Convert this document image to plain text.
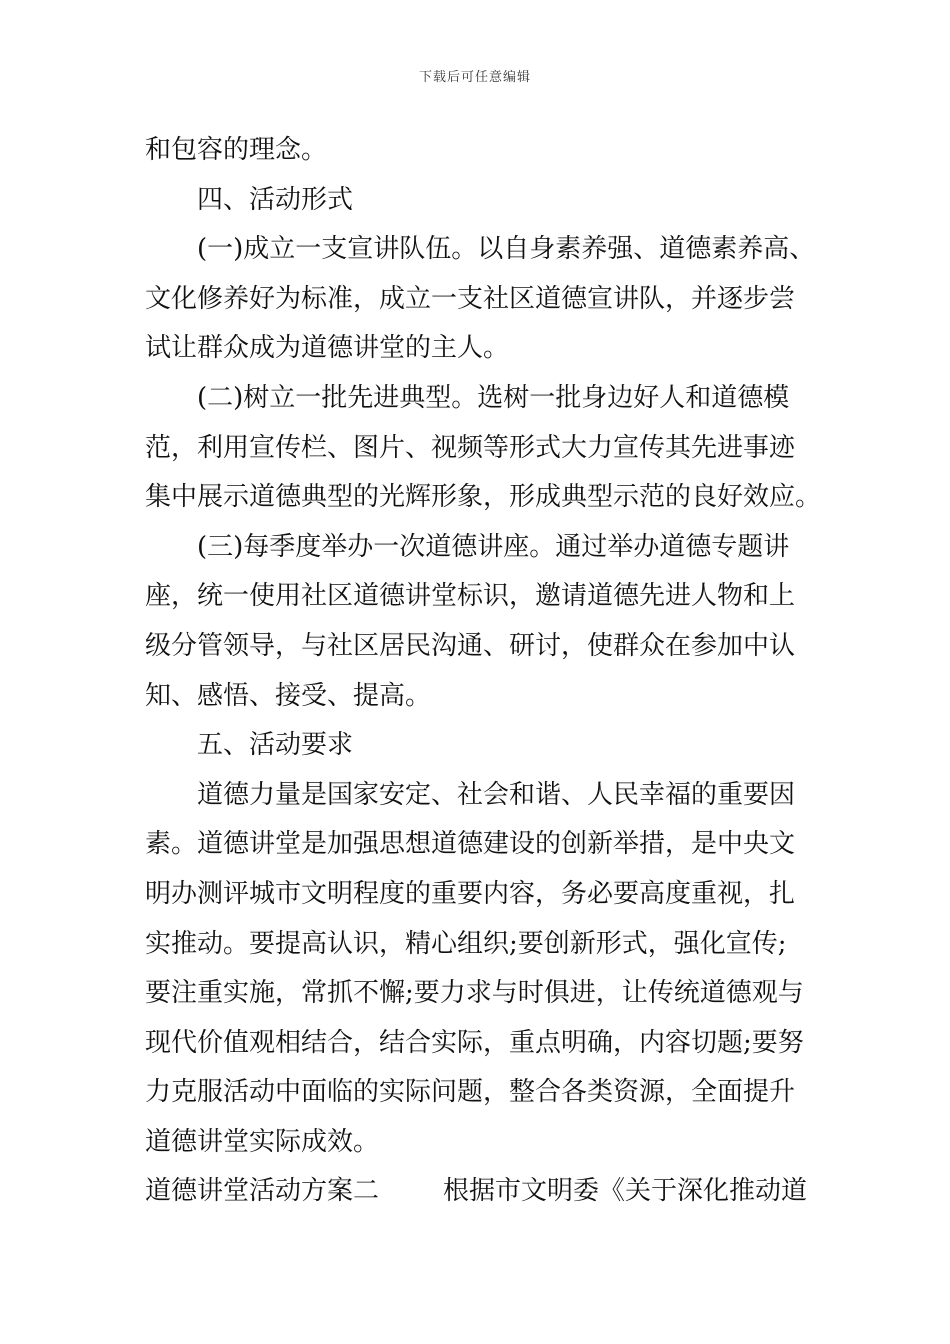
下载后可任意编辑
和包容的理念。
四、活动形式
(一)成立一支宣讲队伍。以自身素养强、道德素养高、
文化修养好为标准，成立一支社区道德宣讲队，并逐步尝
试让群众成为道德讲堂的主人。
(二)树立一批先进典型。选树一批身边好人和道德模
范，利用宣传栏、图片、视频等形式大力宣传其先进事迹
集中展示道德典型的光辉形象，形成典型示范的良好效应。
(三)每季度举办一次道德讲座。通过举办道德专题讲
座，统一使用社区道德讲堂标识，邀请道德先进人物和上
级分管领导，与社区居民沟通、研讨，使群众在参加中认
知、感悟、接受、提高。
五、活动要求
道德力量是国家安定、社会和谐、人民幸福的重要因
素。道德讲堂是加强思想道德建设的创新举措，是中央文
明办测评城市文明程度的重要内容，务必要高度重视，扎
实推动。要提高认识，精心组织;要创新形式，强化宣传;
要注重实施，常抓不懈;要力求与时俱进，让传统道德观与
现代价值观相结合，结合实际，重点明确，内容切题;要努
力克服活动中面临的实际问题，整合各类资源，全面提升
道德讲堂实际成效。
道德讲堂活动方案二 根据市文明委《关于深化推动道
